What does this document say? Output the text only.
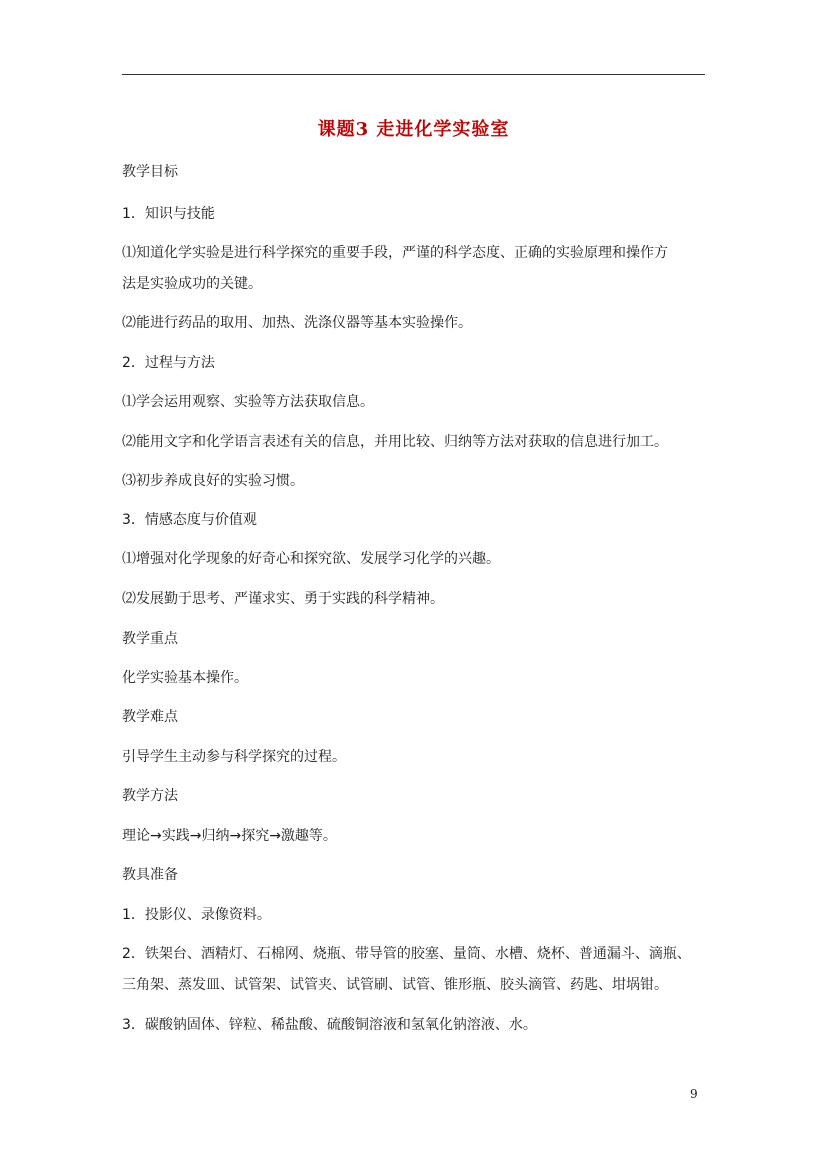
课题3 走进化学实验室
教学目标
1．知识与技能
⑴知道化学实验是进行科学探究的重要手段，严谨的科学态度、正确的实验原理和操作方
法是实验成功的关键。
⑵能进行药品的取用、加热、洗涤仪器等基本实验操作。
2．过程与方法
⑴学会运用观察、实验等方法获取信息。
⑵能用文字和化学语言表述有关的信息，并用比较、归纳等方法对获取的信息进行加工。
⑶初步养成良好的实验习惯。
3．情感态度与价值观
⑴增强对化学现象的好奇心和探究欲、发展学习化学的兴趣。
⑵发展勤于思考、严谨求实、勇于实践的科学精神。
教学重点
化学实验基本操作。
教学难点
引导学生主动参与科学探究的过程。
教学方法
理论→实践→归纳→探究→激趣等。
教具准备
1．投影仪、录像资料。
2．铁架台、酒精灯、石棉网、烧瓶、带导管的胶塞、量筒、水槽、烧杯、普通漏斗、滴瓶、
三角架、蒸发皿、试管架、试管夹、试管刷、试管、锥形瓶、胶头滴管、药匙、坩埚钳。
3．碳酸钠固体、锌粒、稀盐酸、硫酸铜溶液和氢氧化钠溶液、水。
9
